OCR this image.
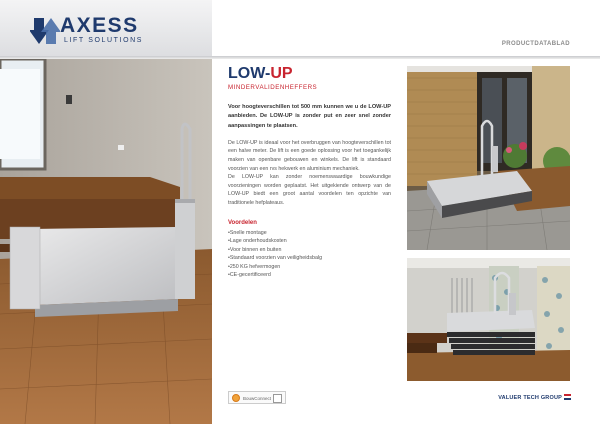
AXESS
LIFT SOLUTIONS	PRODUCTDATABLAD
LOW-UP
MINDERVALIDENHEFFERS

Voor hoogteverschillen tot 500 mm kunnen we u de LOW-UP aanbieden. De LOW-UP is zonder put en zeer snel zonder aanpassingen te plaatsen.

De LOW-UP is ideaal voor het overbruggen van hoogteverschillen tot een halve meter. De lift is een goede oplossing voor het toegankelijk maken van openbare gebouwen en winkels. De lift is standaard voorzien van een rvs hekwerk en aluminium mechaniek.

De LOW-UP kan zonder noemenswaardige bouwkundige voorzieningen worden geplaatst. Het uitgekiende ontwerp van de LOW-UP biedt een groot aantal voordelen ten opzichte van traditionele hefplateaus.

Voordelen
• Snelle montage
• Lage onderhoudskosten
• Voor binnen en buiten
• Standaard voorzien van veiligheidsbalg
• 250 KG hefvermogen
• CE-gecertificeerd
BouwConnect	VALUER TECH GROUP
